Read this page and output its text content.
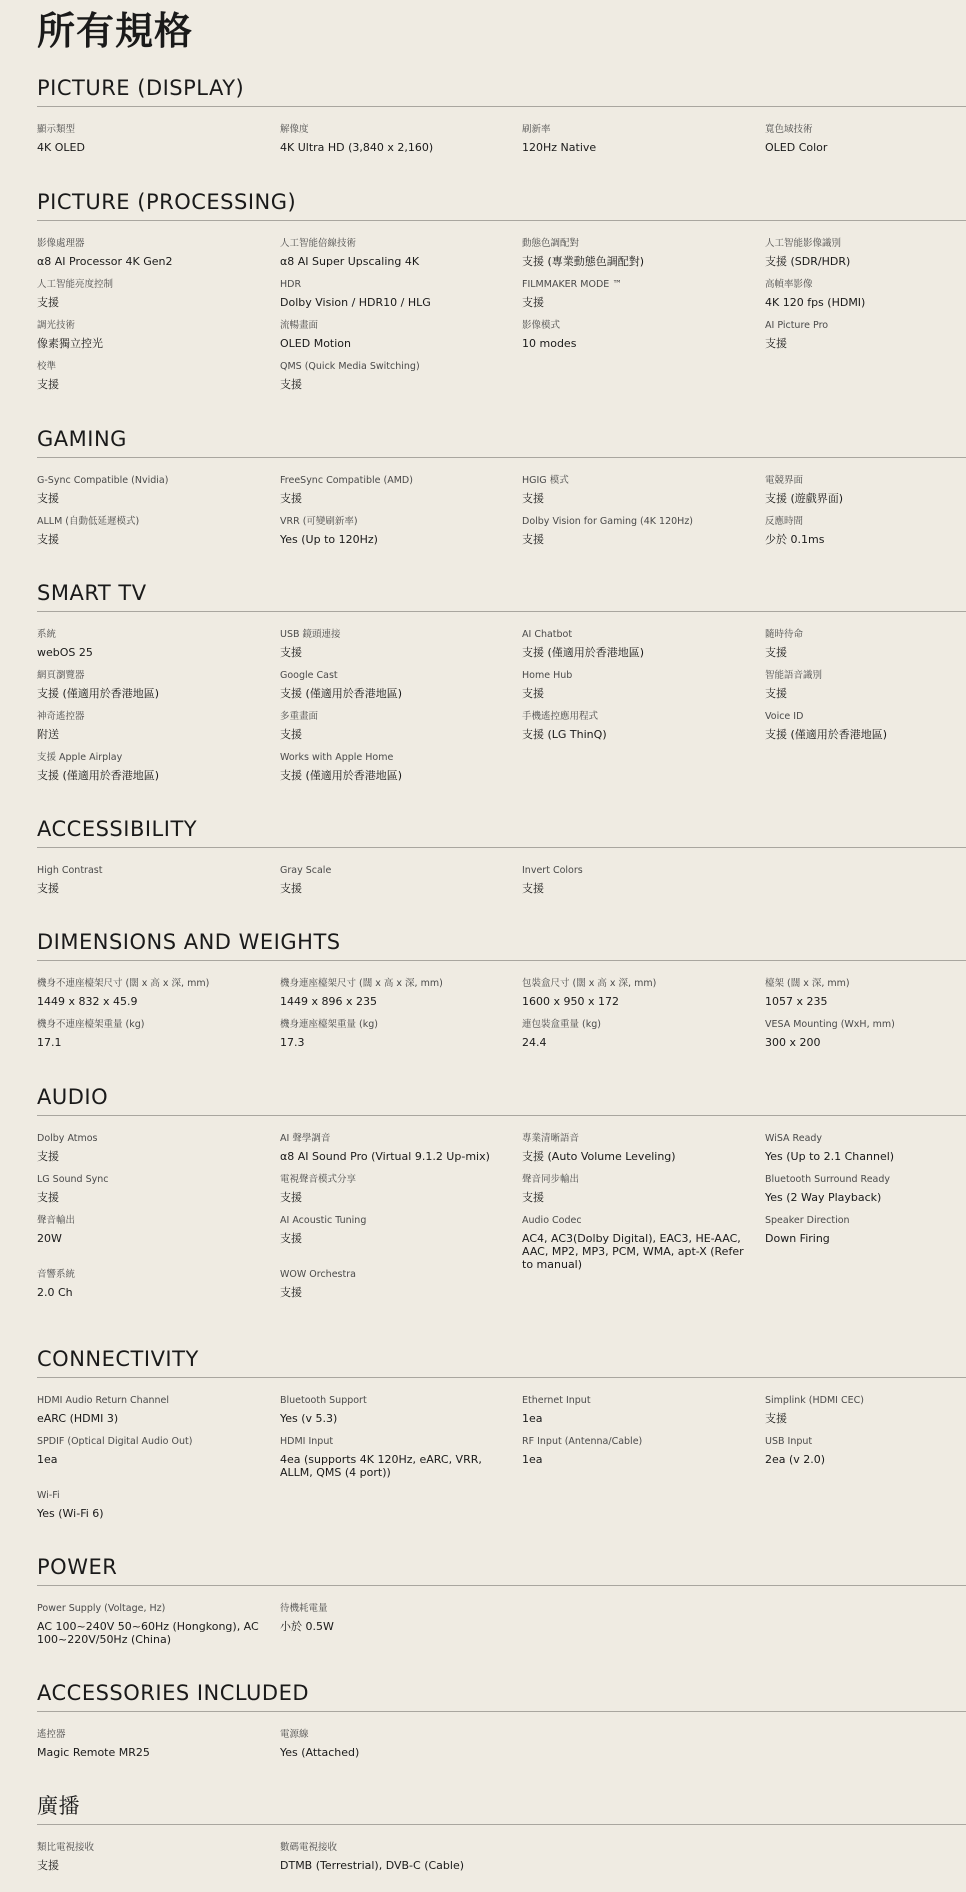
所有規格
PICTURE (DISPLAY)
顯示類型
4K OLED
解像度
4K Ultra HD (3,840 x 2,160)
刷新率
120Hz Native
寬色域技術
OLED Color
PICTURE (PROCESSING)
影像處理器
α8 AI Processor 4K Gen2
人工智能倍線技術
α8 AI Super Upscaling 4K
動態色調配對
支援 (專業動態色調配對)
人工智能影像識別
支援 (SDR/HDR)
人工智能亮度控制
支援
HDR
Dolby Vision / HDR10 / HLG
FILMMAKER MODE ™
支援
高幀率影像
4K 120 fps (HDMI)
調光技術
像素獨立控光
流暢畫面
OLED Motion
影像模式
10 modes
AI Picture Pro
支援
校準
支援
QMS (Quick Media Switching)
支援
GAMING
G-Sync Compatible (Nvidia)
支援
FreeSync Compatible (AMD)
支援
HGIG 模式
支援
電競界面
支援 (遊戲界面)
ALLM (自動低延遲模式)
支援
VRR (可變刷新率)
Yes (Up to 120Hz)
Dolby Vision for Gaming (4K 120Hz)
支援
反應時間
少於 0.1ms
SMART TV
系統
webOS 25
USB 鏡頭連接
支援
AI Chatbot
支援 (僅適用於香港地區)
隨時待命
支援
網頁瀏覽器
支援 (僅適用於香港地區)
Google Cast
支援 (僅適用於香港地區)
Home Hub
支援
智能語音識別
支援
神奇遙控器
附送
多重畫面
支援
手機遙控應用程式
支援 (LG ThinQ)
Voice ID
支援 (僅適用於香港地區)
支援 Apple Airplay
支援 (僅適用於香港地區)
Works with Apple Home
支援 (僅適用於香港地區)
ACCESSIBILITY
High Contrast
支援
Gray Scale
支援
Invert Colors
支援
DIMENSIONS AND WEIGHTS
機身不連座檯架尺寸 (闊 x 高 x 深, mm)
1449 x 832 x 45.9
機身連座檯架尺寸 (闊 x 高 x 深, mm)
1449 x 896 x 235
包裝盒尺寸 (闊 x 高 x 深, mm)
1600 x 950 x 172
檯架 (闊 x 深, mm)
1057 x 235
機身不連座檯架重量 (kg)
17.1
機身連座檯架重量 (kg)
17.3
連包裝盒重量 (kg)
24.4
VESA Mounting (WxH, mm)
300 x 200
AUDIO
Dolby Atmos
支援
AI 聲學調音
α8 AI Sound Pro (Virtual 9.1.2 Up-mix)
專業清晰語音
支援 (Auto Volume Leveling)
WiSA Ready
Yes (Up to 2.1 Channel)
LG Sound Sync
支援
電視聲音模式分享
支援
聲音同步輸出
支援
Bluetooth Surround Ready
Yes (2 Way Playback)
聲音輸出
20W
AI Acoustic Tuning
支援
Audio Codec
AC4, AC3(Dolby Digital), EAC3, HE-AAC, AAC, MP2, MP3, PCM, WMA, apt-X (Refer to manual)
Speaker Direction
Down Firing
音響系統
2.0 Ch
WOW Orchestra
支援
CONNECTIVITY
HDMI Audio Return Channel
eARC (HDMI 3)
Bluetooth Support
Yes (v 5.3)
Ethernet Input
1ea
Simplink (HDMI CEC)
支援
SPDIF (Optical Digital Audio Out)
1ea
HDMI Input
4ea (supports 4K 120Hz, eARC, VRR, ALLM, QMS (4 port))
RF Input (Antenna/Cable)
1ea
USB Input
2ea (v 2.0)
Wi-Fi
Yes (Wi-Fi 6)
POWER
Power Supply (Voltage, Hz)
AC 100~240V 50~60Hz (Hongkong), AC 100~220V/50Hz (China)
待機耗電量
小於 0.5W
ACCESSORIES INCLUDED
遙控器
Magic Remote MR25
電源線
Yes (Attached)
廣播
類比電視接收
支援
數碼電視接收
DTMB (Terrestrial), DVB-C (Cable)
